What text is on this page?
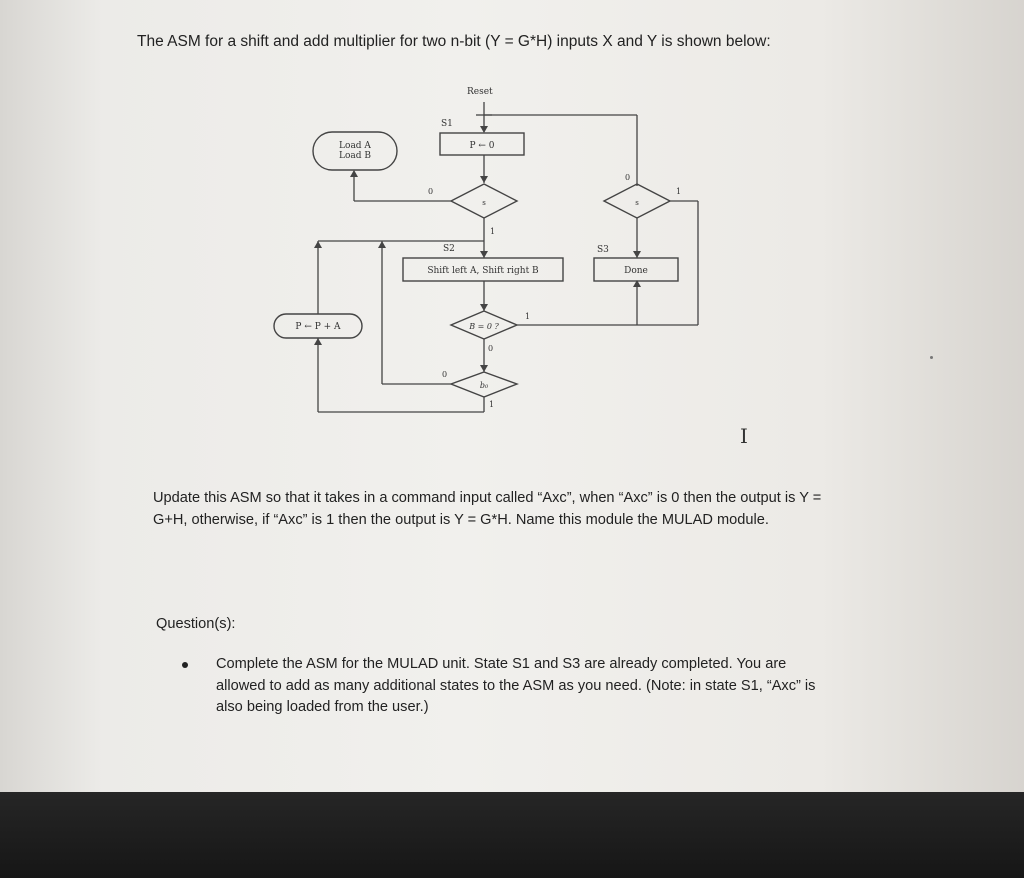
The ASM for a shift and add multiplier for two n-bit (Y = G*H) inputs X and Y is shown below:
Reset
S1
S2	S3
P ← 0
Load A
Load B
Shift left A, Shift right B
P ← P + A
Done
s	s
B = 0 ?
b₀
0
1
0
1
1
0
0
1
I

Update this ASM so that it takes in a command input called “Axc”, when “Axc” is 0 then the output is Y = G+H, otherwise, if “Axc” is 1 then the output is Y = G*H. Name this module the MULAD module.

Question(s):

Complete the ASM for the MULAD unit. State S1 and S3 are already completed. You are allowed to add as many additional states to the ASM as you need. (Note: in state S1, “Axc” is also being loaded from the user.)
